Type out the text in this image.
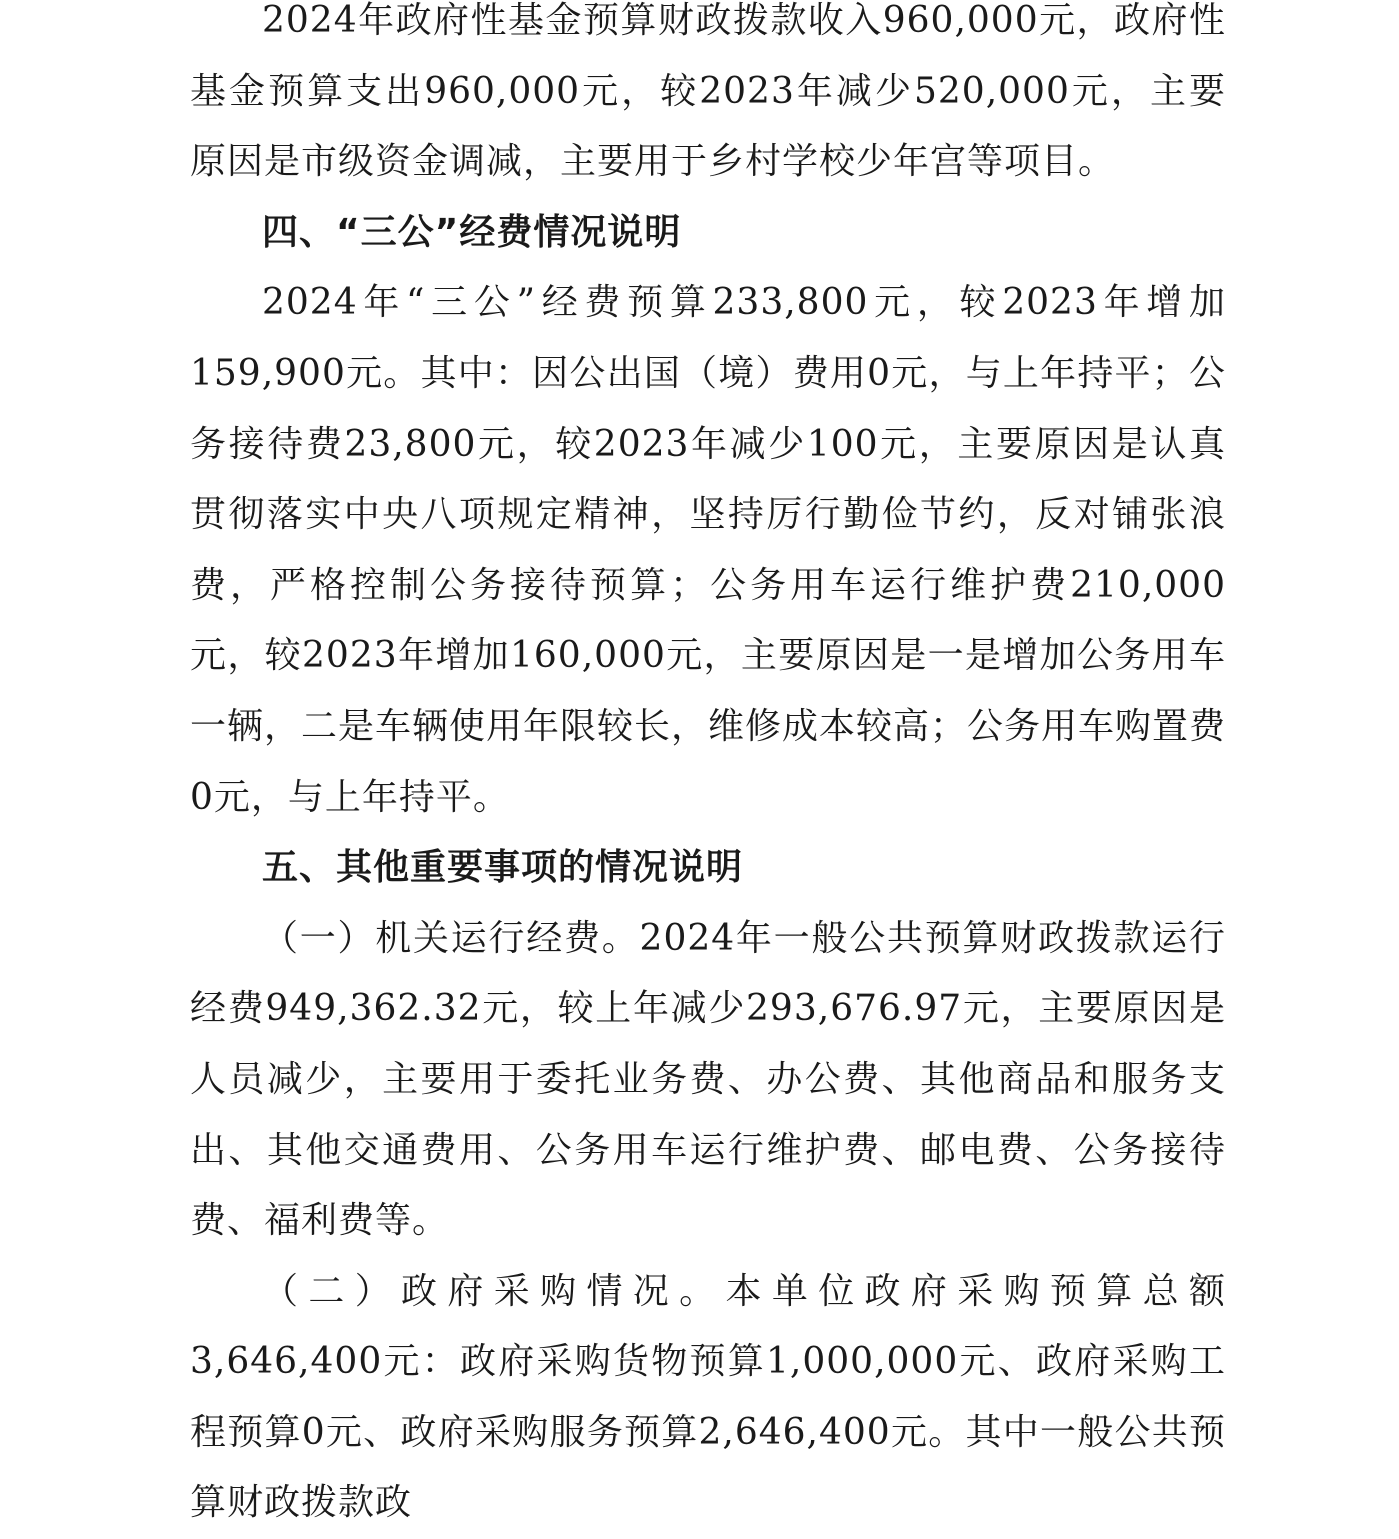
2024年政府性基金预算财政拨款收入960,000元，政府性基金预算支出960,000元，较2023年减少520,000元，主要原因是市级资金调减，主要用于乡村学校少年宫等项目。

四、“三公”经费情况说明

2024年“三公”经费预算233,800元，较2023年增加159,900元。其中：因公出国（境）费用0元，与上年持平；公务接待费23,800元，较2023年减少100元，主要原因是认真贯彻落实中央八项规定精神，坚持厉行勤俭节约，反对铺张浪费，严格控制公务接待预算；公务用车运行维护费210,000元，较2023年增加160,000元，主要原因是一是增加公务用车一辆，二是车辆使用年限较长，维修成本较高；公务用车购置费0元，与上年持平。

五、其他重要事项的情况说明

（一）机关运行经费。2024年一般公共预算财政拨款运行经费949,362.32元，较上年减少293,676.97元，主要原因是人员减少，主要用于委托业务费、办公费、其他商品和服务支出、其他交通费用、公务用车运行维护费、邮电费、公务接待费、福利费等。

（二）政府采购情况。本单位政府采购预算总额3,646,400元：政府采购货物预算1,000,000元、政府采购工程预算0元、政府采购服务预算2,646,400元。其中一般公共预算财政拨款政
